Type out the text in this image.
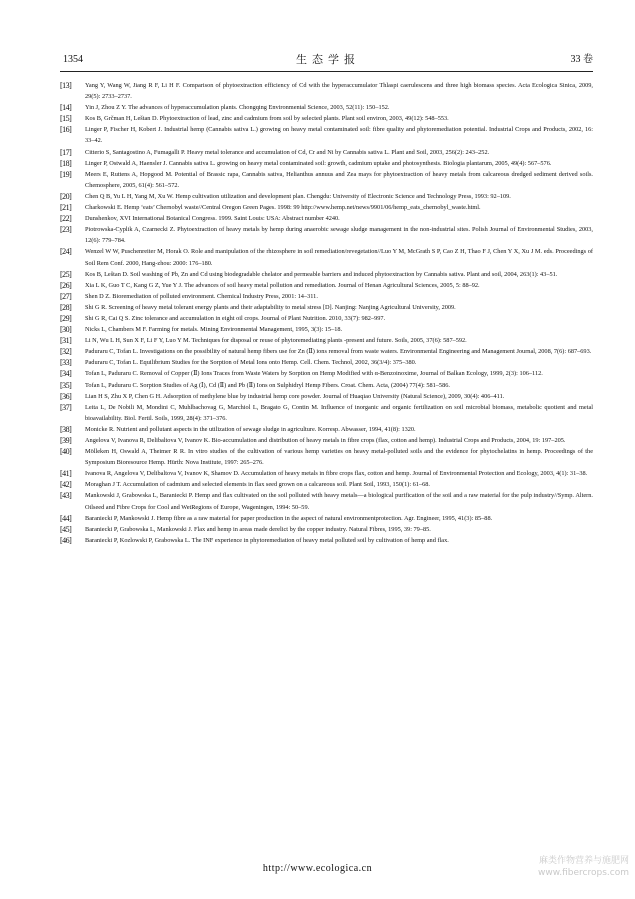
1354	生态学报	33 卷
[13]	Yang Y, Wang W, Jiang R F, Li H F. Comparison of phytoextraction efficiency of Cd with the hyperaccumulator Thlaspi caerulescens and three high biomass species. Acta Ecologica Sinica, 2009, 29(5): 2733–2737.
[14]	Yin J, Zhou Z Y. The advances of hyperaccumulation plants. Chongqing Environmental Science, 2003, 52(11): 150–152.
[15]	Kos B, Grčman H, Leštan D. Phytoextraction of lead, zinc and cadmium from soil by selected plants. Plant soil environ, 2003, 49(12): 548–553.
[16]	Linger P, Fischer H, Kobert J. Industrial hemp (Cannabis sativa L.) growing on heavy metal contaminated soil: fibre quality and phytoremediation potential. Industrial Crops and Products, 2002, 16: 33–42.
[17]	Citterio S, Santagostino A, Fumagalli P. Heavy metal tolerance and accumulation of Cd, Cr and Ni by Cannabis sativa L. Plant and Soil, 2003, 256(2): 243–252.
[18]	Linger P, Ostwald A, Haensler J. Cannabis sativa L. growing on heavy metal contaminated soil: growth, cadmium uptake and photosynthesis. Biologia plantarum, 2005, 49(4): 567–576.
[19]	Meers E, Ruttens A, Hopgood M. Potential of Brassic rapa, Cannabis sativa, Helianthus annuus and Zea mays for phytoextraction of heavy metals from calcareous dredged sediment derived soils. Chemosphere, 2005, 61(4): 561–572.
[20]	Chen Q B, Yu L H, Yang M, Xu W. Hemp cultivation utilization and development plan. Chengdu: University of Electronic Science and Technology Press, 1993: 92–109.
[21]	Charkowski E. Hemp ‘eats’ Chernobyl waste//Central Oregon Green Pages. 1998: 99 http://www.hemp.net/news/9901/06/hemp_eats_chernobyl_waste.html.
[22]	Dunshenkov, XVI International Botanical Congress. 1999. Saint Louis: USA: Abstract number 4240.
[23]	Piotrowska-Cyplik A, Czarnecki Z. Phytoextraction of heavy metals by hemp during anaerobic sewage sludge management in the non-industrial sites. Polish Journal of Environmental Studies, 2003, 12(6): 779–784.
[24]	Wenzel W W, Puschenreiter M, Horak O. Role and manipulation of the rhizosphere in soil remediation/revegetation//Luo Y M, McGrath S P, Cao Z H, Thao F J, Chen Y X, Xu J M. eds. Proceedings of Soil Rem Conf. 2000, Hang-zhou: 2000: 176–180.
[25]	Kos B, Leštan D. Soil washing of Pb, Zn and Cd using biodegradable chelator and permeable barriers and induced phytoextraction by Cannabis sativa. Plant and soil, 2004, 263(1): 43–51.
[26]	Xia L K, Guo T C, Kang G Z, Yue Y J. The advances of soil heavy metal pollution and remediation. Journal of Henan Agricultural Sciences, 2005, 5: 88–92.
[27]	Shen D Z. Bioremediation of polluted environment. Chemical Industry Press, 2001: 14–311.
[28]	Shi G R. Screening of heavy metal tolerant energy plants and their adaptability to metal stress [D]. Nanjing: Nanjing Agricultural University, 2009.
[29]	Shi G R, Cai Q S. Zinc tolerance and accumulation in eight oil crops. Journal of Plant Nutrition. 2010, 33(7): 982–997.
[30]	Nicks L, Chambers M F. Farming for metals. Mining Environmental Management, 1995, 3(3): 15–18.
[31]	Li N, Wu L H, Sun X F, Li F Y, Luo Y M. Techniques for disposal or reuse of phytoremediating plants -present and future. Soils, 2005, 37(6): 587–592.
[32]	Paduraru C, Tofan L. Investigations on the possibility of natural hemp fibers use for Zn (Ⅱ) ions removal from waste waters. Environmental Engineering and Management Journal, 2008, 7(6): 687–693.
[33]	Paduraru C, Tofan L. Equilibrium Studies for the Sorption of Metal Ions onto Hemp. Cell. Chem. Technol, 2002, 36(3/4): 375–380.
[34]	Tofan L, Paduraru C. Removal of Copper (Ⅱ) Ions Traces from Waste Waters by Sorption on Hemp Modified with α-Benzoinoxime, Journal of Balkan Ecology, 1999, 2(3): 106–112.
[35]	Tofan L, Paduraru C. Sorption Studies of Ag (Ⅰ), Cd (Ⅱ) and Pb (Ⅱ) Ions on Sulphidryl Hemp Fibers. Croat. Chem. Acta, (2004) 77(4): 581–586.
[36]	Lian H S, Zhu X P, Chen G H. Adsorption of methylene blue by industrial hemp core powder. Journal of Huaqiao University (Natural Science), 2009, 30(4): 406–411.
[37]	Leita L, De Nobili M, Mondini C, Muhlbachovag G, Marchiol L, Bragato G, Contin M. Influence of inorganic and organic fertilization on soil microbial biomass, metabolic quotient and metal bioavailability. Biol. Fertil. Soils, 1999, 28(4): 371–376.
[38]	Monicke R. Nutrient and pollutant aspects in the utilization of sewage sludge in agriculture. Korresp. Abwasser, 1994, 41(8): 1320.
[39]	Angelova V, Ivanova R, Delibaltova V, Ivanov K. Bio-accumulation and distribution of heavy metals in fibre crops (flax, cotton and hemp). Industrial Crops and Products, 2004, 19: 197–205.
[40]	Mölleken H, Oswald A, Theimer R R. In vitro studies of the cultivation of various hemp varieties on heavy metal-polluted soils and the evidence for phytochelatins in hemp. Proceedings of the Symposium Bioresource Hemp. Hürth: Nova Institute, 1997: 265–276.
[41]	Ivanova R, Angelova V, Delibaltova V, Ivanov K, Shamov D. Accumulation of heavy metals in fibre crops flax, cotton and hemp. Journal of Environmental Protection and Ecology, 2003, 4(1): 31–38.
[42]	Moraghan J T. Accumulation of cadmium and selected elements in flax seed grown on a calcareous soil. Plant Soil, 1993, 150(1): 61–68.
[43]	Mankowski J, Grabowska L, Baraniecki P. Hemp and flax cultivated on the soil polluted with heavy metals—a biological purification of the soil and a raw material for the pulp industry//Symp. Altern. Oilseed and Fibre Crops for Cool and WetRegions of Europe, Wageningen, 1994: 50–59.
[44]	Baraniecki P, Mankowski J. Hemp fibre as a raw material for paper production in the aspect of natural environmentprotection. Agr. Engineer, 1995, 41(3): 85–88.
[45]	Baraniecki P, Grabowska L, Mankowski J. Flax and hemp in areas made derelict by the copper industry. Natural Fibres, 1995, 39: 79–85.
[46]	Baraniecki P, Kozlowski P, Grabowska L. The INF experience in phytoremediation of heavy metal polluted soil by cultivation of hemp and flax.
http://www.ecologica.cn
麻类作物营养与施肥网
www.fibercrops.com
